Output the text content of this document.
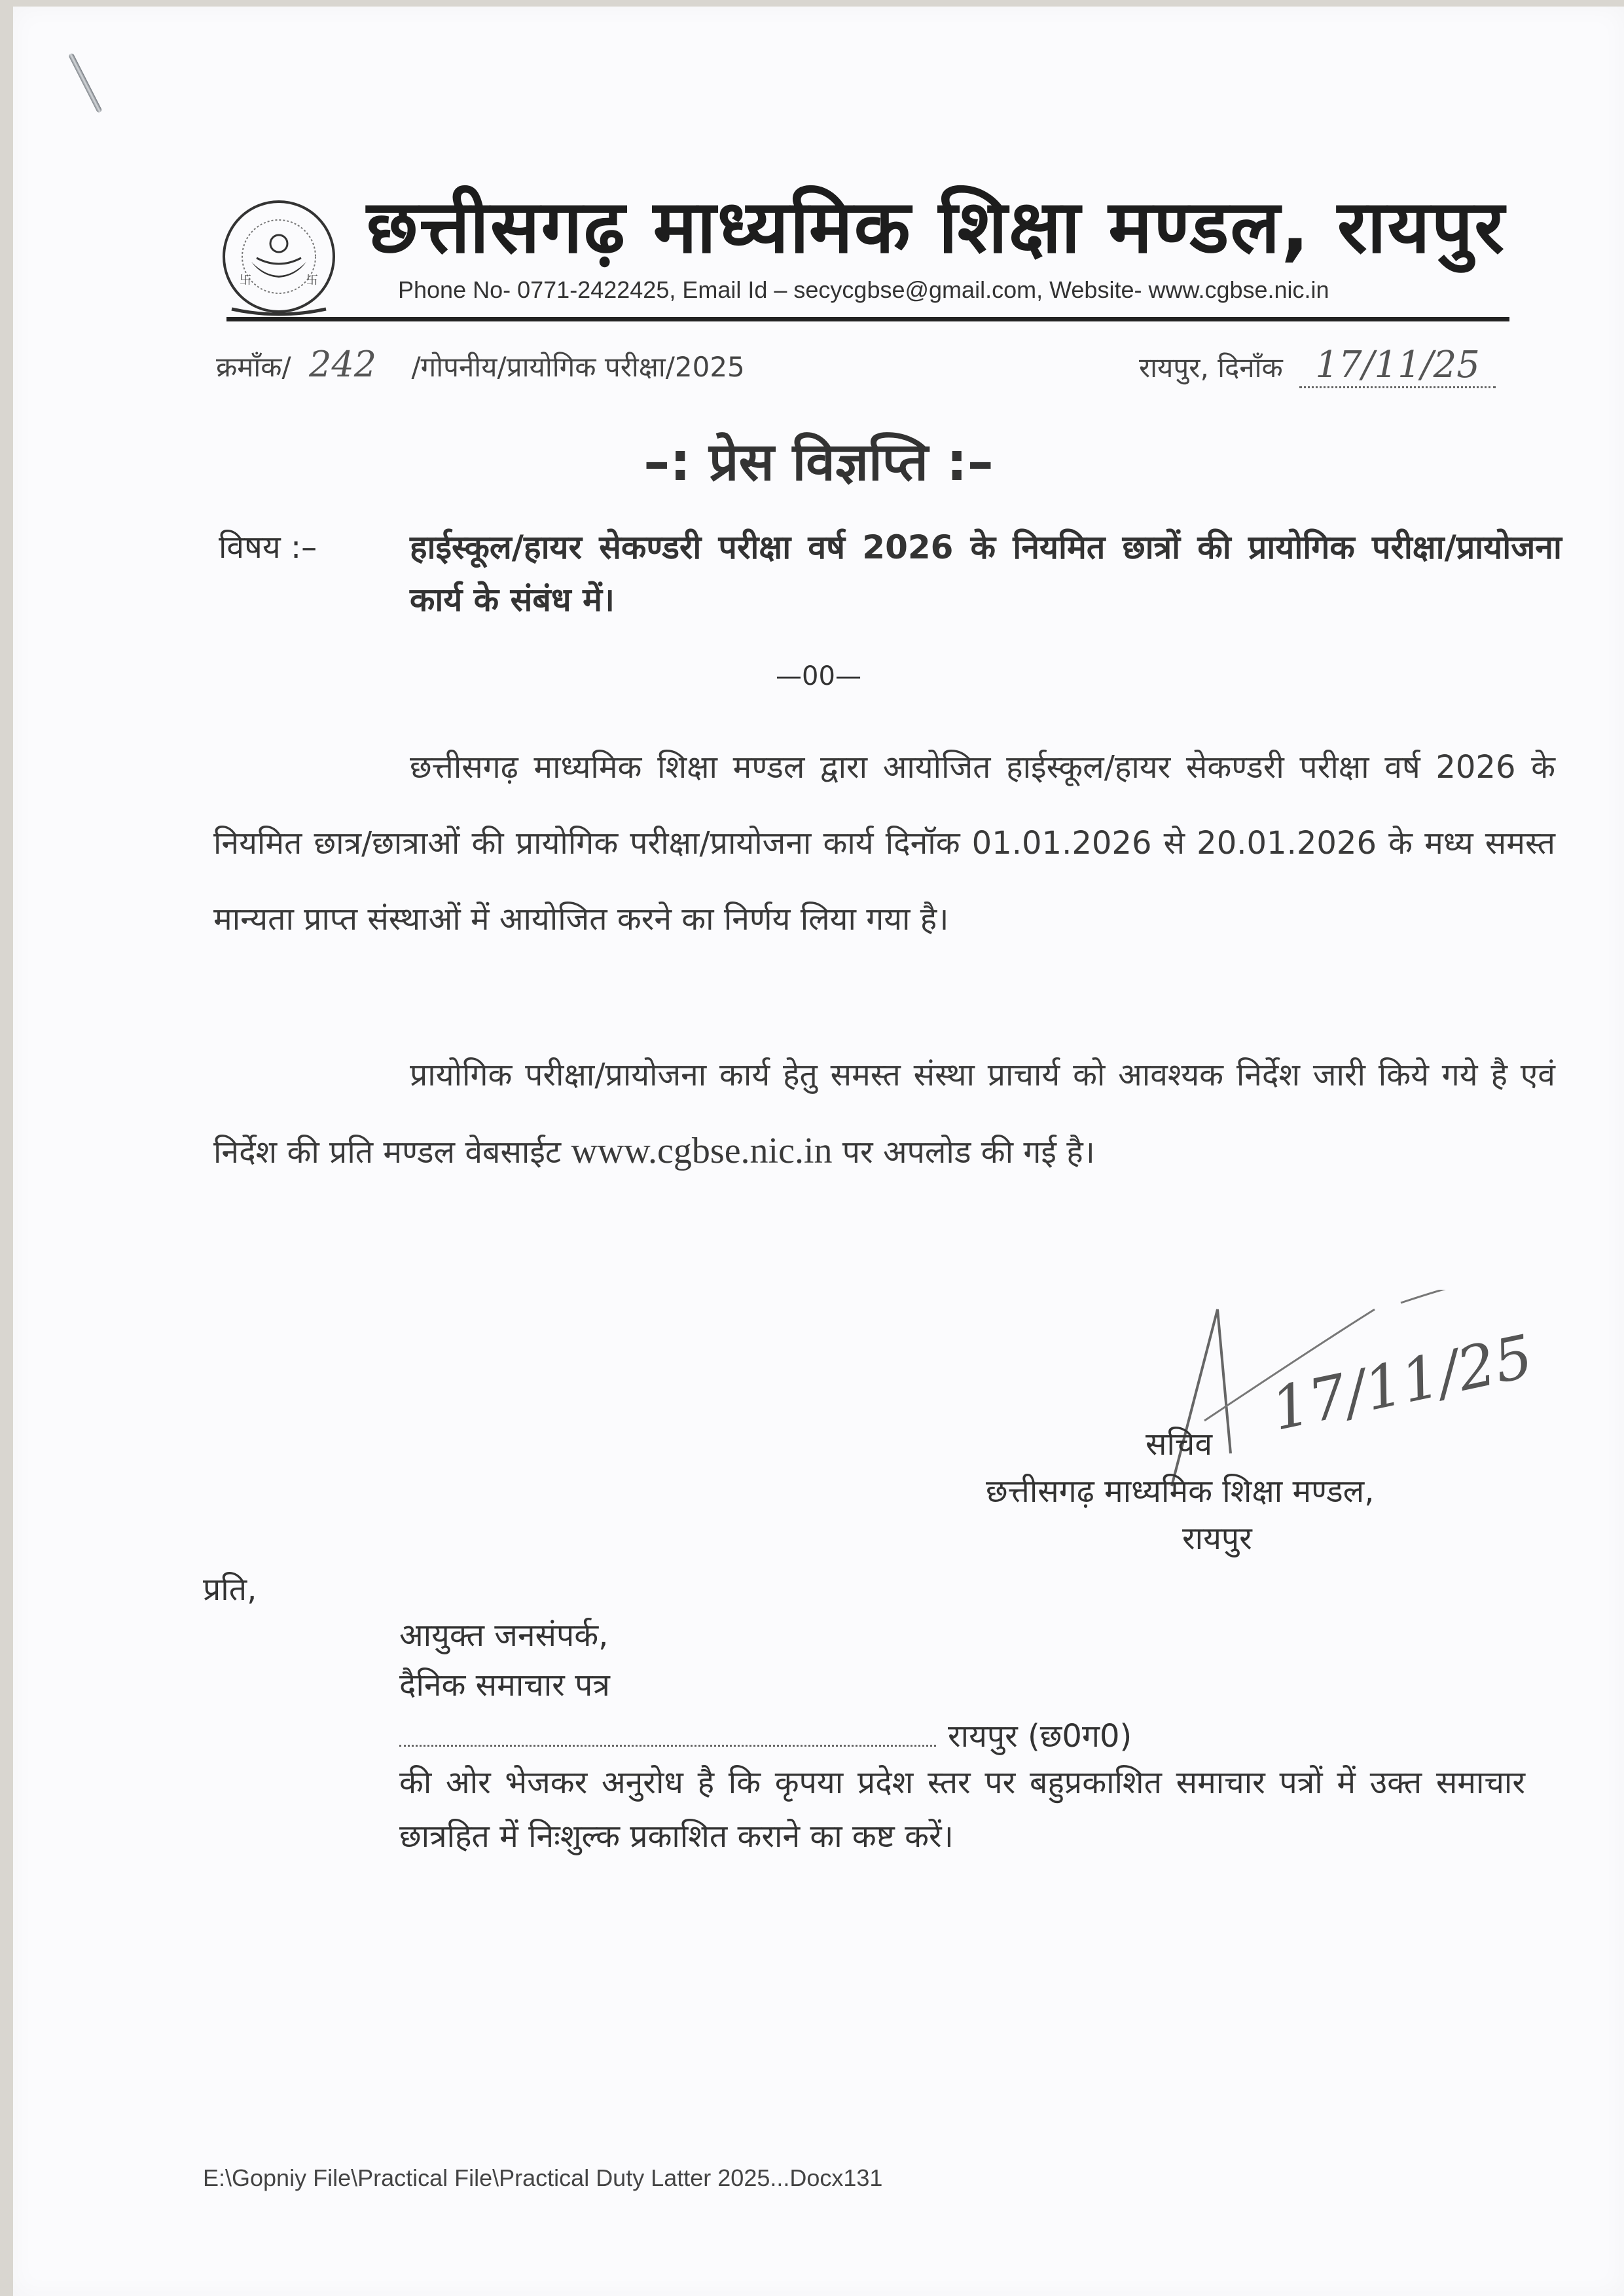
卐	卐
छत्तीसगढ़ माध्यमिक शिक्षा मण्डल, रायपुर
Phone No- 0771-2422425, Email Id – secycgbse@gmail.com, Website- www.cgbse.nic.in
क्रमाँक/ 242 /गोपनीय/प्रायोगिक परीक्षा/2025	रायपुर, दिनाँक 17/11/25
–: प्रेस विज्ञप्ति :–
विषय :–	हाईस्कूल/हायर सेकण्डरी परीक्षा वर्ष 2026 के नियमित छात्रों की प्रायोगिक परीक्षा/प्रायोजना कार्य के संबंध में।
—00—
छत्तीसगढ़ माध्यमिक शिक्षा मण्डल द्वारा आयोजित हाईस्कूल/हायर सेकण्डरी परीक्षा वर्ष 2026 के नियमित छात्र/छात्राओं की प्रायोगिक परीक्षा/प्रायोजना कार्य दिनॉक 01.01.2026 से 20.01.2026 के मध्य समस्त मान्यता प्राप्त संस्थाओं में आयोजित करने का निर्णय लिया गया है।
प्रायोगिक परीक्षा/प्रायोजना कार्य हेतु समस्त संस्था प्राचार्य को आवश्यक निर्देश जारी किये गये है एवं निर्देश की प्रति मण्डल वेबसाईट www.cgbse.nic.in पर अपलोड की गई है।
17/11/25
सचिव
छत्तीसगढ़ माध्यमिक शिक्षा मण्डल,
रायपुर
प्रति,
आयुक्त जनसंपर्क,
दैनिक समाचार पत्र
रायपुर (छ0ग0)
की ओर भेजकर अनुरोध है कि कृपया प्रदेश स्तर पर बहुप्रकाशित समाचार पत्रों में उक्त समाचार छात्रहित में निःशुल्क प्रकाशित कराने का कष्ट करें।
E:\Gopniy File\Practical File\Practical Duty Latter 2025...Docx131
